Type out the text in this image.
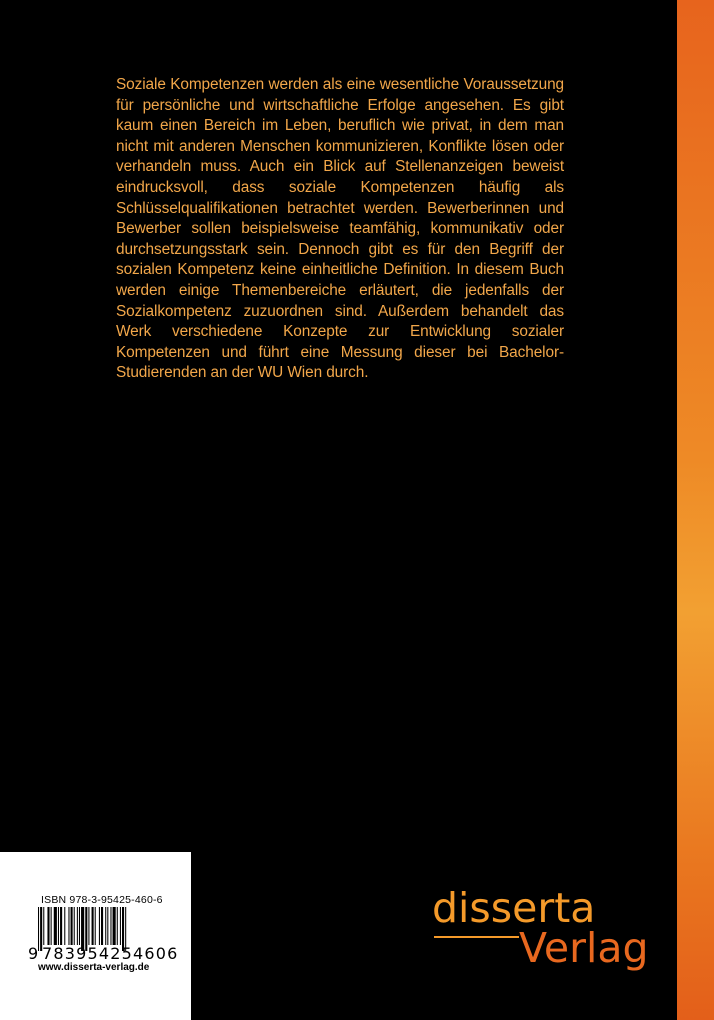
Soziale Kompetenzen werden als eine wesentliche Voraussetzung für persönliche und wirtschaftliche Erfolge angesehen. Es gibt kaum einen Bereich im Leben, beruflich wie privat, in dem man nicht mit anderen Menschen kommunizieren, Konflikte lösen oder verhandeln muss. Auch ein Blick auf Stellenanzeigen beweist eindrucksvoll, dass soziale Kompetenzen häufig als Schlüsselqualifikationen betrachtet werden. Bewerberinnen und Bewerber sollen beispielsweise teamfähig, kommunikativ oder durchsetzungsstark sein. Dennoch gibt es für den Begriff der sozialen Kompetenz keine einheitliche Definition. In diesem Buch werden einige Themenbereiche erläutert, die jedenfalls der Sozialkompetenz zuzuordnen sind. Außerdem behandelt das Werk verschiedene Konzepte zur Entwicklung sozialer Kompetenzen und führt eine Messung dieser bei Bachelor-Studierenden an der WU Wien durch.

ISBN 978-3-95425-460-6
9 783954254606
www.disserta-verlag.de
disserta
Verlag
